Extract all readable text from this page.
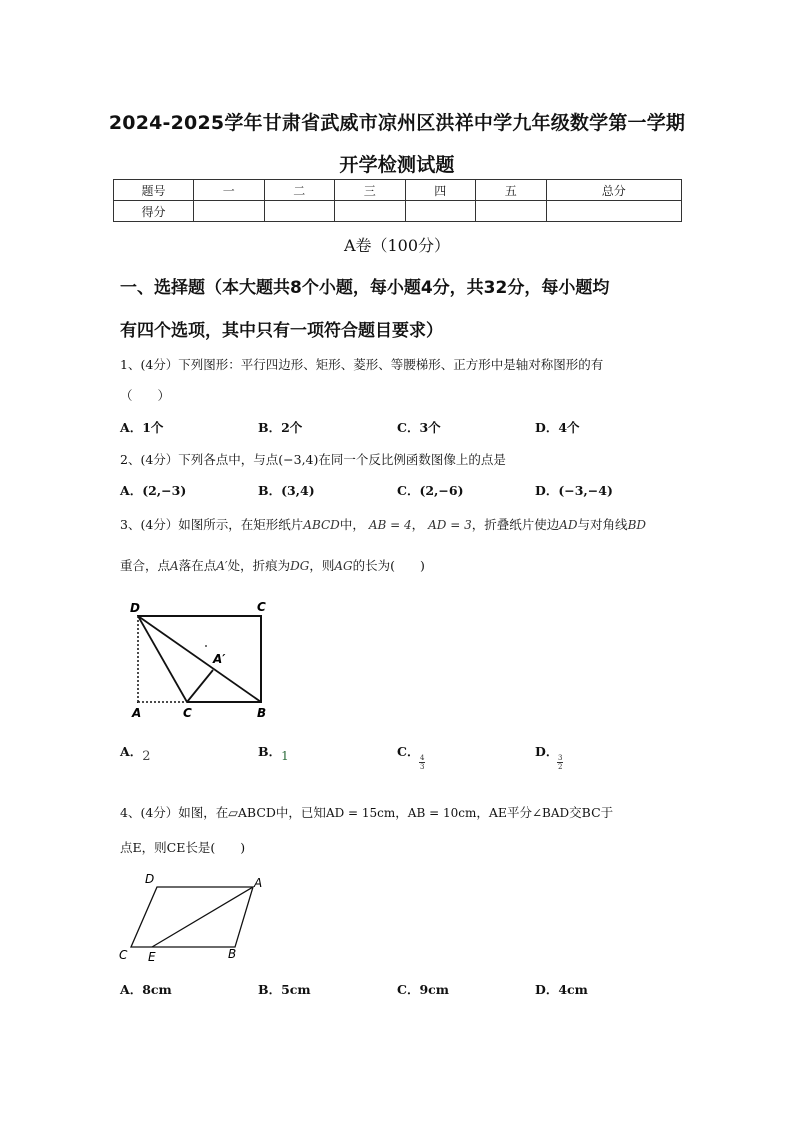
2024-2025学年甘肃省武威市凉州区洪祥中学九年级数学第一学期
开学检测试题
题号	一	二	三	四	五	总分
得分						
A卷（100分）
一、选择题（本大题共8个小题，每小题4分，共32分，每小题均
有四个选项，其中只有一项符合题目要求）
1、(4分）下列图形：平行四边形、矩形、菱形、等腰梯形、正方形中是轴对称图形的有
（　　）
A．1个	B．2个	C．3个	D．4个
2、(4分）下列各点中，与点(−3,4)在同一个反比例函数图像上的点是
A．(2,−3)	B．(3,4)	C．(2,−6)	D．(−3,−4)
3、(4分）如图所示，在矩形纸片ABCD中， AB = 4， AD = 3，折叠纸片使边AD与对角线BD
重合，点A落在点A′处，折痕为DG，则AG的长为(　　)
D	C
A	C	B
A′
A．2	B．1	C．
$\frac{4}{3}$
D．
$\frac{3}{2}$
4、(4分）如图，在▱ABCD中，已知AD = 15cm，AB = 10cm，AE平分∠BAD交BC于
点E，则CE长是(　　)
D	A
C E	B
A．8cm	B．5cm	C．9cm	D．4cm
